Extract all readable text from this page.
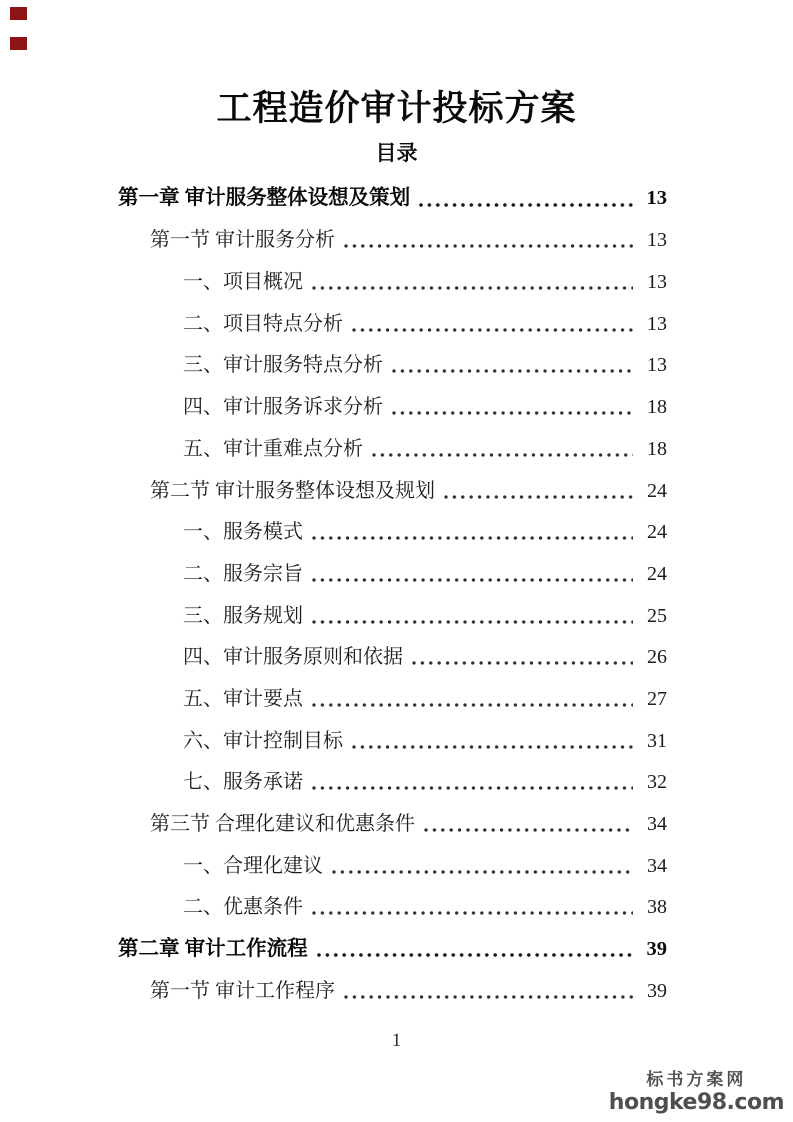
工程造价审计投标方案
目录
第一章 审计服务整体设想及策划	13
第一节 审计服务分析	13
一、项目概况	13
二、项目特点分析	13
三、审计服务特点分析	13
四、审计服务诉求分析	18
五、审计重难点分析	18
第二节 审计服务整体设想及规划	24
一、服务模式	24
二、服务宗旨	24
三、服务规划	25
四、审计服务原则和依据	26
五、审计要点	27
六、审计控制目标	31
七、服务承诺	32
第三节 合理化建议和优惠条件	34
一、合理化建议	34
二、优惠条件	38
第二章 审计工作流程	39
第一节 审计工作程序	39
1
标书方案网
hongke98.com
